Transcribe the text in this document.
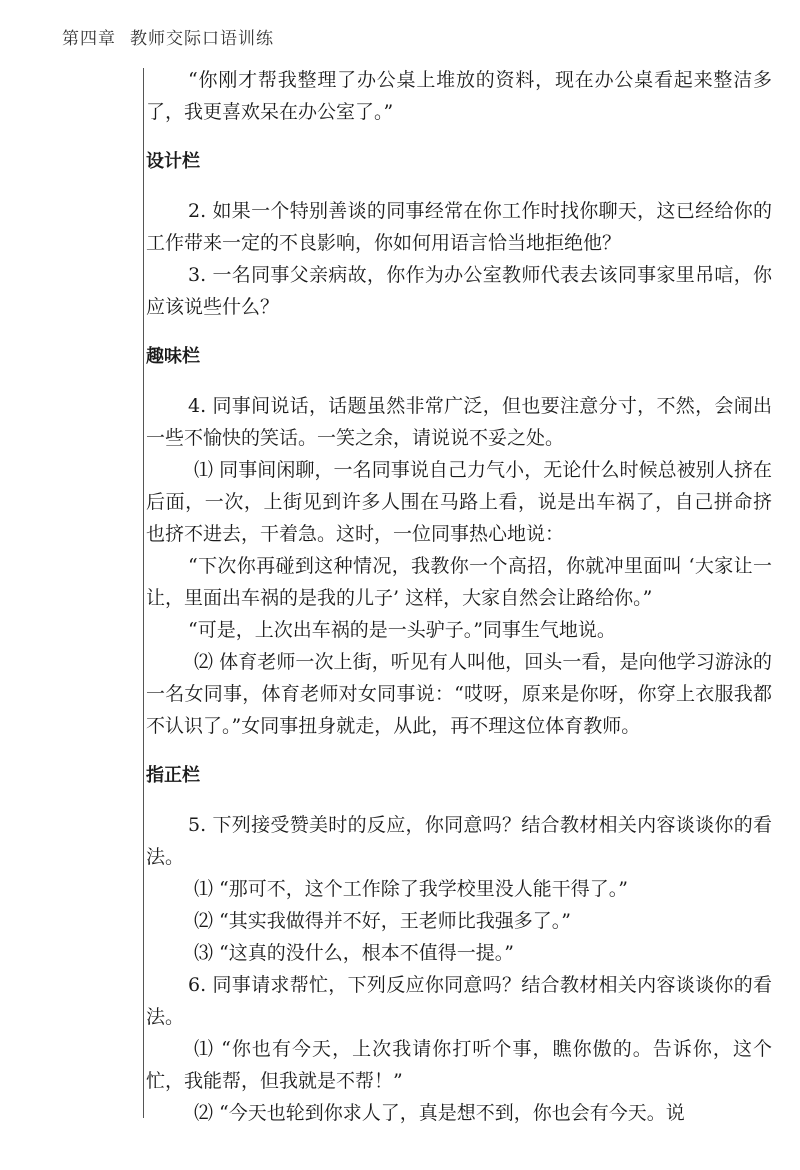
第四章 教师交际口语训练

“你刚才帮我整理了办公桌上堆放的资料，现在办公桌看起来整洁多了，我更喜欢呆在办公室了。”

设计栏

2. 如果一个特别善谈的同事经常在你工作时找你聊天，这已经给你的工作带来一定的不良影响，你如何用语言恰当地拒绝他？

3. 一名同事父亲病故，你作为办公室教师代表去该同事家里吊唁，你应该说些什么？

趣味栏

4. 同事间说话，话题虽然非常广泛，但也要注意分寸，不然，会闹出一些不愉快的笑话。一笑之余，请说说不妥之处。

⑴ 同事间闲聊，一名同事说自己力气小，无论什么时候总被别人挤在后面，一次，上街见到许多人围在马路上看，说是出车祸了，自己拼命挤也挤不进去，干着急。这时，一位同事热心地说：

“下次你再碰到这种情况，我教你一个高招，你就冲里面叫 ‘大家让一让，里面出车祸的是我的儿子’ 这样，大家自然会让路给你。”

“可是，上次出车祸的是一头驴子。”同事生气地说。

⑵ 体育老师一次上街，听见有人叫他，回头一看，是向他学习游泳的一名女同事，体育老师对女同事说：“哎呀，原来是你呀，你穿上衣服我都不认识了。”女同事扭身就走，从此，再不理这位体育教师。

指正栏

5. 下列接受赞美时的反应，你同意吗？结合教材相关内容谈谈你的看法。

⑴ “那可不，这个工作除了我学校里没人能干得了。”

⑵ “其实我做得并不好，王老师比我强多了。”

⑶ “这真的没什么，根本不值得一提。”

6. 同事请求帮忙，下列反应你同意吗？结合教材相关内容谈谈你的看法。

⑴ “你也有今天，上次我请你打听个事，瞧你傲的。告诉你，这个忙，我能帮，但我就是不帮！”

⑵ “今天也轮到你求人了，真是想不到，你也会有今天。说
